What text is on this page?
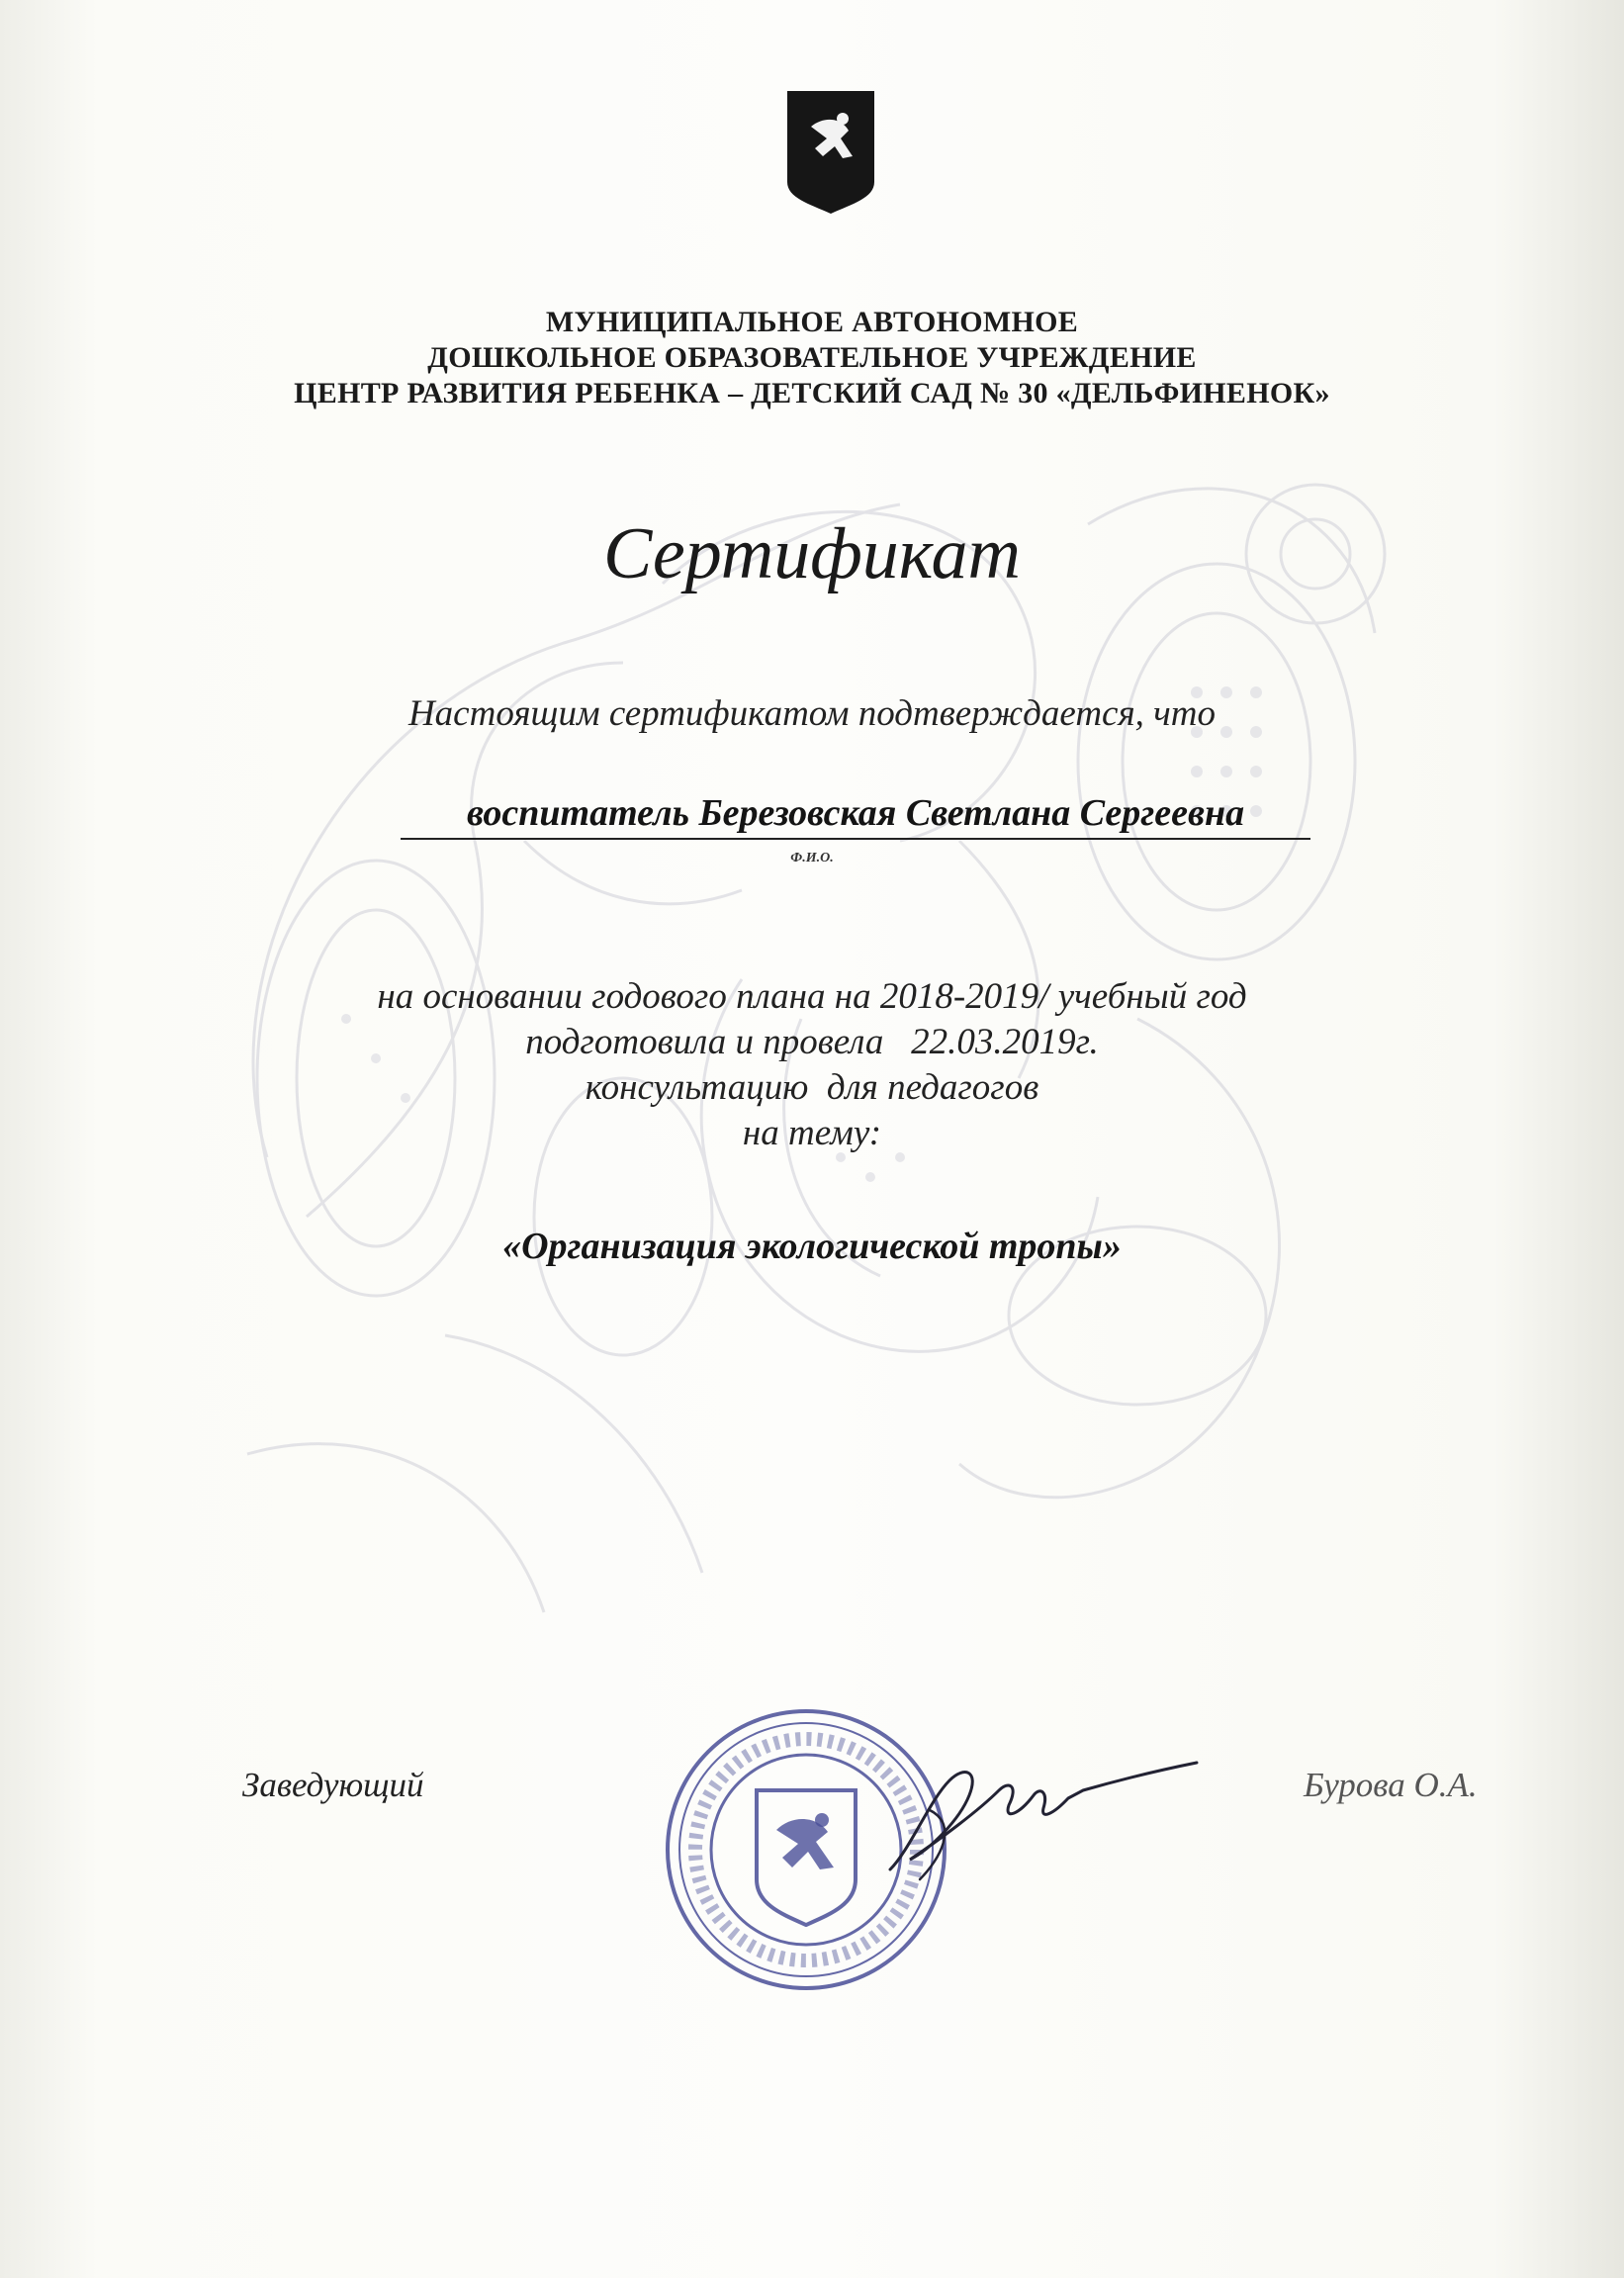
МУНИЦИПАЛЬНОЕ АВТОНОМНОЕ
ДОШКОЛЬНОЕ ОБРАЗОВАТЕЛЬНОЕ УЧРЕЖДЕНИЕ
ЦЕНТР РАЗВИТИЯ РЕБЕНКА – ДЕТСКИЙ САД № 30 «ДЕЛЬФИНЕНОК»
Сертификат
Настоящим сертификатом подтверждается, что
воспитатель Березовская Светлана Сергеевна
Ф.И.О.
на основании годового плана на 2018-2019/ учебный год
подготовила и провела   22.03.2019г.
консультацию  для педагогов
на тему:
«Организация экологической тропы»
Заведующий	Бурова О.А.
